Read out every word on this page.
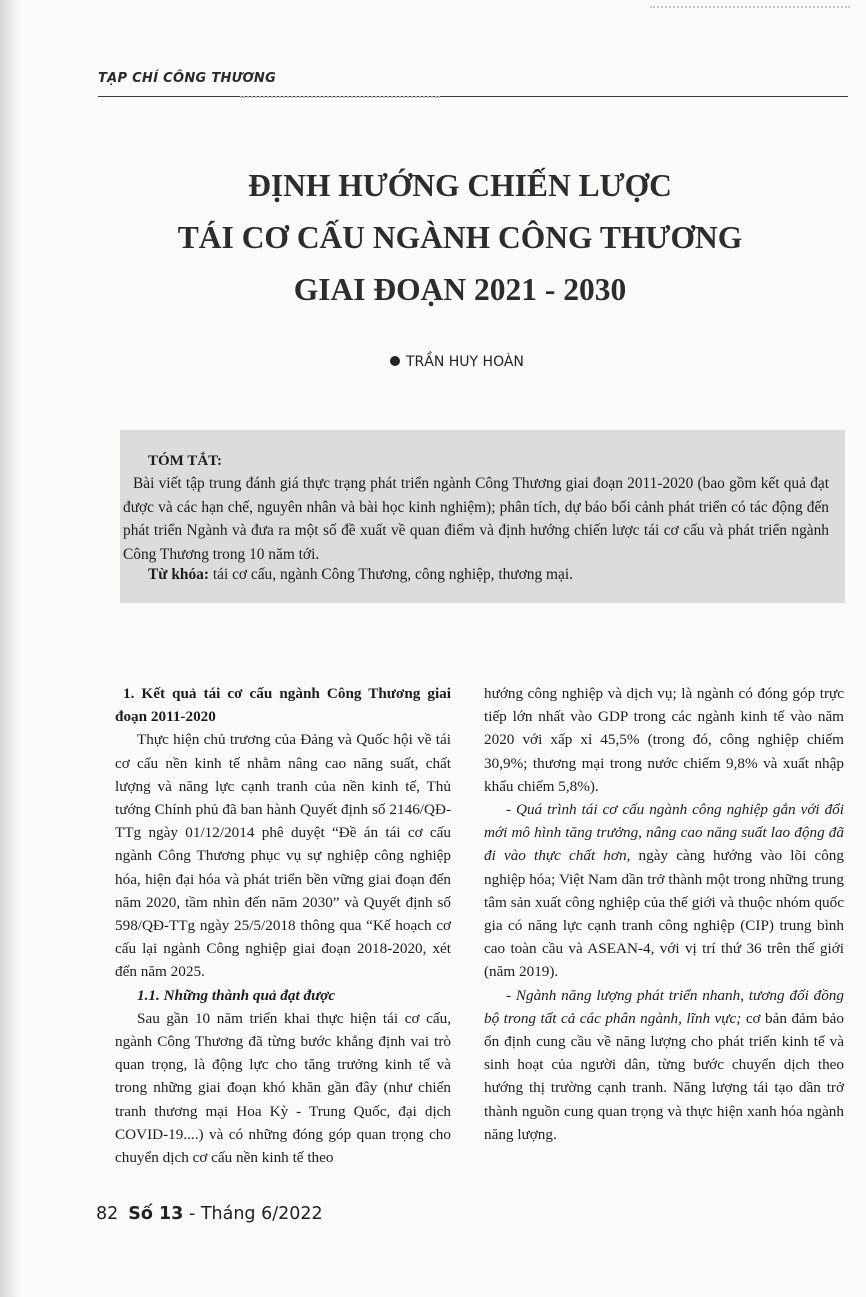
TẠP CHÍ CÔNG THƯƠNG
ĐỊNH HƯỚNG CHIẾN LƯỢC
TÁI CƠ CẤU NGÀNH CÔNG THƯƠNG
GIAI ĐOẠN 2021 - 2030
TRẦN HUY HOÀN
TÓM TẮT:
Bài viết tập trung đánh giá thực trạng phát triển ngành Công Thương giai đoạn 2011-2020 (bao gồm kết quả đạt được và các hạn chế, nguyên nhân và bài học kinh nghiệm); phân tích, dự báo bối cảnh phát triển có tác động đến phát triển Ngành và đưa ra một số đề xuất về quan điểm và định hướng chiến lược tái cơ cấu và phát triển ngành Công Thương trong 10 năm tới.
Từ khóa: tái cơ cấu, ngành Công Thương, công nghiệp, thương mại.

1. Kết quả tái cơ cấu ngành Công Thương giai đoạn 2011-2020

Thực hiện chủ trương của Đảng và Quốc hội về tái cơ cấu nền kinh tế nhằm nâng cao năng suất, chất lượng và năng lực cạnh tranh của nền kinh tế, Thủ tướng Chính phủ đã ban hành Quyết định số 2146/QĐ-TTg ngày 01/12/2014 phê duyệt “Đề án tái cơ cấu ngành Công Thương phục vụ sự nghiệp công nghiệp hóa, hiện đại hóa và phát triển bền vững giai đoạn đến năm 2020, tầm nhìn đến năm 2030” và Quyết định số 598/QĐ-TTg ngày 25/5/2018 thông qua “Kế hoạch cơ cấu lại ngành Công nghiệp giai đoạn 2018-2020, xét đến năm 2025.

1.1. Những thành quả đạt được

Sau gần 10 năm triển khai thực hiện tái cơ cấu, ngành Công Thương đã từng bước khẳng định vai trò quan trọng, là động lực cho tăng trưởng kinh tế và trong những giai đoạn khó khăn gần đây (như chiến tranh thương mại Hoa Kỳ - Trung Quốc, đại dịch COVID-19....) và có những đóng góp quan trọng cho chuyển dịch cơ cấu nền kinh tế theo

hướng công nghiệp và dịch vụ; là ngành có đóng góp trực tiếp lớn nhất vào GDP trong các ngành kinh tế vào năm 2020 với xấp xỉ 45,5% (trong đó, công nghiệp chiếm 30,9%; thương mại trong nước chiếm 9,8% và xuất nhập khẩu chiếm 5,8%).

- Quá trình tái cơ cấu ngành công nghiệp gắn với đổi mới mô hình tăng trưởng, nâng cao năng suất lao động đã đi vào thực chất hơn, ngày càng hướng vào lõi công nghiệp hóa; Việt Nam dần trở thành một trong những trung tâm sản xuất công nghiệp của thế giới và thuộc nhóm quốc gia có năng lực cạnh tranh công nghiệp (CIP) trung bình cao toàn cầu và ASEAN-4, với vị trí thứ 36 trên thế giới (năm 2019).

- Ngành năng lượng phát triển nhanh, tương đối đồng bộ trong tất cả các phân ngành, lĩnh vực; cơ bản đảm bảo ổn định cung cầu về năng lượng cho phát triển kinh tế và sinh hoạt của người dân, từng bước chuyển dịch theo hướng thị trường cạnh tranh. Năng lượng tái tạo dần trở thành nguồn cung quan trọng và thực hiện xanh hóa ngành năng lượng.

82 Số 13 - Tháng 6/2022
